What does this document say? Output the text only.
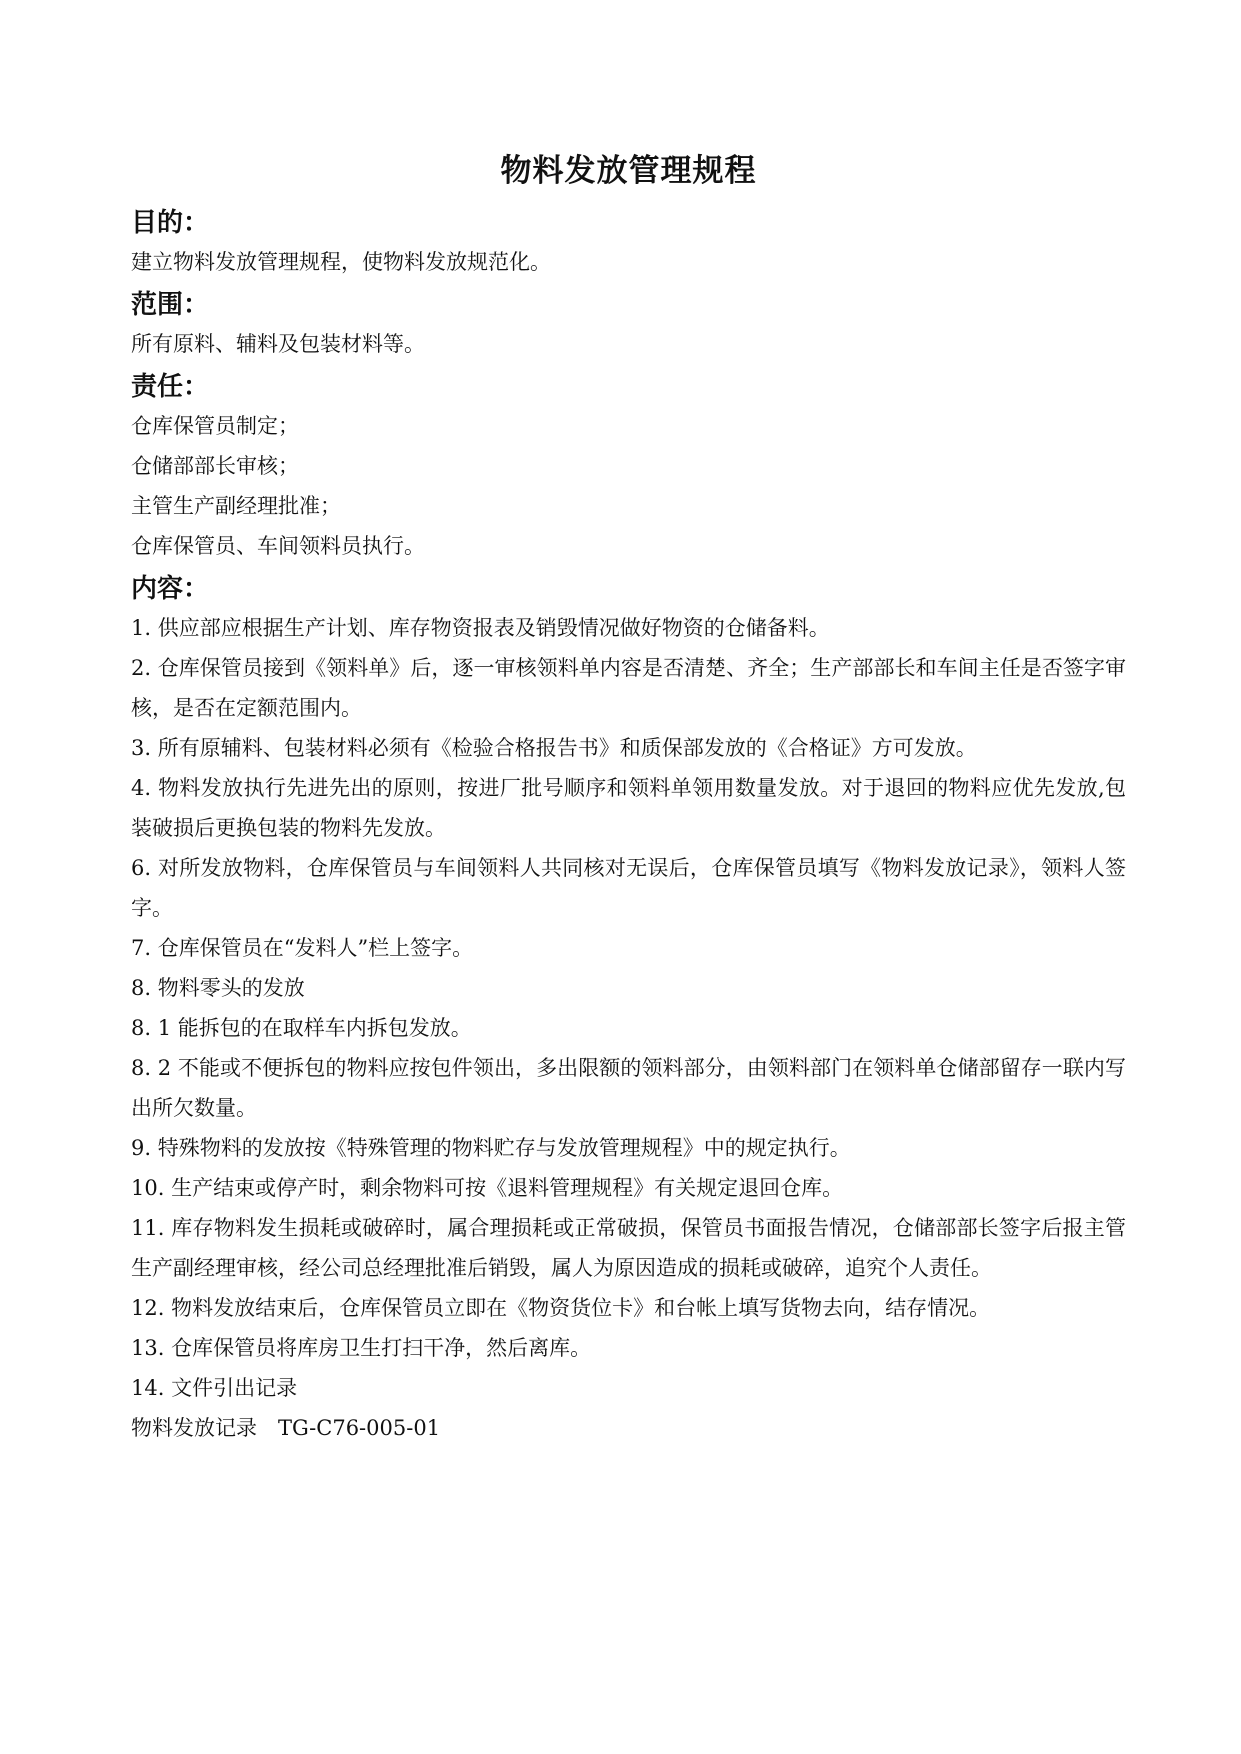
物料发放管理规程
目的：

建立物料发放管理规程，使物料发放规范化。

范围：

所有原料、辅料及包装材料等。

责任：

仓库保管员制定；

仓储部部长审核；

主管生产副经理批准；

仓库保管员、车间领料员执行。

内容：

1. 供应部应根据生产计划、库存物资报表及销毁情况做好物资的仓储备料。

2. 仓库保管员接到《领料单》后，逐一审核领料单内容是否清楚、齐全；生产部部长和车间主任是否签字审核，是否在定额范围内。

3. 所有原辅料、包装材料必须有《检验合格报告书》和质保部发放的《合格证》方可发放。

4. 物料发放执行先进先出的原则，按进厂批号顺序和领料单领用数量发放。对于退回的物料应优先发放,包装破损后更换包装的物料先发放。

6. 对所发放物料，仓库保管员与车间领料人共同核对无误后，仓库保管员填写《物料发放记录》，领料人签字。

7. 仓库保管员在“发料人”栏上签字。

8. 物料零头的发放

8. 1 能拆包的在取样车内拆包发放。

8. 2 不能或不便拆包的物料应按包件领出，多出限额的领料部分，由领料部门在领料单仓储部留存一联内写出所欠数量。

9. 特殊物料的发放按《特殊管理的物料贮存与发放管理规程》中的规定执行。

10. 生产结束或停产时，剩余物料可按《退料管理规程》有关规定退回仓库。

11. 库存物料发生损耗或破碎时，属合理损耗或正常破损，保管员书面报告情况，仓储部部长签字后报主管生产副经理审核，经公司总经理批准后销毁，属人为原因造成的损耗或破碎，追究个人责任。

12. 物料发放结束后，仓库保管员立即在《物资货位卡》和台帐上填写货物去向，结存情况。

13. 仓库保管员将库房卫生打扫干净，然后离库。

14. 文件引出记录

物料发放记录　TG-C76-005-01
